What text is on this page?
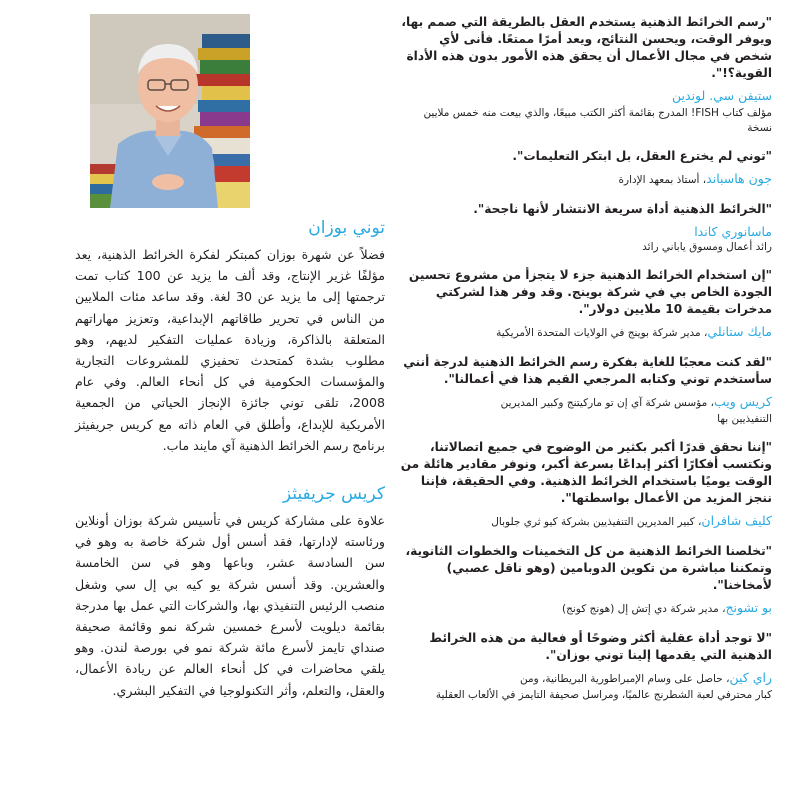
توني بوزان

فضلاً عن شهرة بوزان كمبتكر لفكرة الخرائط الذهنية، يعد مؤلفًا غزير الإنتاج، وقد ألف ما يزيد عن 100 كتاب تمت ترجمتها إلى ما يزيد عن 30 لغة. وقد ساعد مئات الملايين من الناس في تحرير طاقاتهم الإبداعية، وتعزيز مهاراتهم المتعلقة بالذاكرة، وزيادة عمليات التفكير لديهم، وهو مطلوب بشدة كمتحدث تحفيزي للمشروعات التجارية والمؤسسات الحكومية في كل أنحاء العالم. وفي عام 2008، تلقى توني جائزة الإنجاز الحياتي من الجمعية الأمريكية للإبداع، وأطلق في العام ذاته مع كريس جريفيثز برنامج رسم الخرائط الذهنية آي مايند ماب.

كريس جريفيثز

علاوة على مشاركة كريس في تأسيس شركة بوزان أونلاين ورئاسته لإدارتها، فقد أسس أول شركة خاصة به وهو في سن السادسة عشر، وباعها وهو في سن الخامسة والعشرين. وقد أسس شركة يو كيه بي إل سي وشغل منصب الرئيس التنفيذي بها، والشركات التي عمل بها مدرجة بقائمة ديلويت لأسرع خمسين شركة نمو وقائمة صحيفة صنداي تايمز لأسرع مائة شركة نمو في بورصة لندن. وهو يلقي محاضرات في كل أنحاء العالم عن ريادة الأعمال، والعقل، والتعلم، وأثر التكنولوجيا في التفكير البشري.

"رسم الخرائط الذهنية يستخدم العقل بالطريقة التي صمم بها، ويوفر الوقت، ويحسن النتائج، ويعد أمرًا ممتعًا. فأنى لأي شخص في مجال الأعمال أن يحقق هذه الأمور بدون هذه الأداة القوية؟!".

ستيفن سي. لوندين
مؤلف كتاب FISH! المدرج بقائمة أكثر الكتب مبيعًا، والذي بيعت منه خمس ملايين نسخة

"توني لم يخترع العقل، بل ابتكر التعليمات".

جون هاسباند، أستاذ بمعهد الإدارة

"الخرائط الذهنية أداة سريعة الانتشار لأنها ناجحة".

ماسانوري كاندا
رائد أعمال ومسوق ياباني رائد

"إن استخدام الخرائط الذهنية جزء لا يتجزأ من مشروع تحسين الجودة الخاص بي في شركة بوينج. وقد وفر هذا لشركتي مدخرات بقيمة 10 ملايين دولار".

مايك ستانلي، مدير شركة بوينج في الولايات المتحدة الأمريكية

"لقد كنت معجبًا للغاية بفكرة رسم الخرائط الذهنية لدرجة أنني سأستخدم توني وكتابه المرجعي القيم هذا في أعمالنا".

كريس ويب، مؤسس شركة آي إن تو ماركيتنج وكبير المديرين
التنفيذيين بها

"إننا نحقق قدرًا أكبر بكثير من الوضوح في جميع اتصالاتنا، ونكتسب أفكارًا أكثر إبداعًا بسرعة أكبر، ونوفر مقادير هائلة من الوقت يوميًا باستخدام الخرائط الذهنية. وفي الحقيقة، فإننا ننجز المزيد من الأعمال بواسطتها".

كليف شافران، كبير المديرين التنفيذيين بشركة كيو ثري جلوبال

"تخلصنا الخرائط الذهنية من كل التخمينات والخطوات الثانوية، وتمكننا مباشرة من تكوين الدوبامين (وهو ناقل عصبي) لأمخاخنا".

بو تشونج، مدير شركة دي إتش إل (هونج كونج)

"لا توجد أداة عقلية أكثر وضوحًا أو فعالية من هذه الخرائط الذهنية التي يقدمها إلينا توني بوزان".

راي كين، حاصل على وسام الإمبراطورية البريطانية، ومن
كبار محترفي لعبة الشطرنج عالميًا، ومراسل صحيفة التايمز في الألعاب العقلية
